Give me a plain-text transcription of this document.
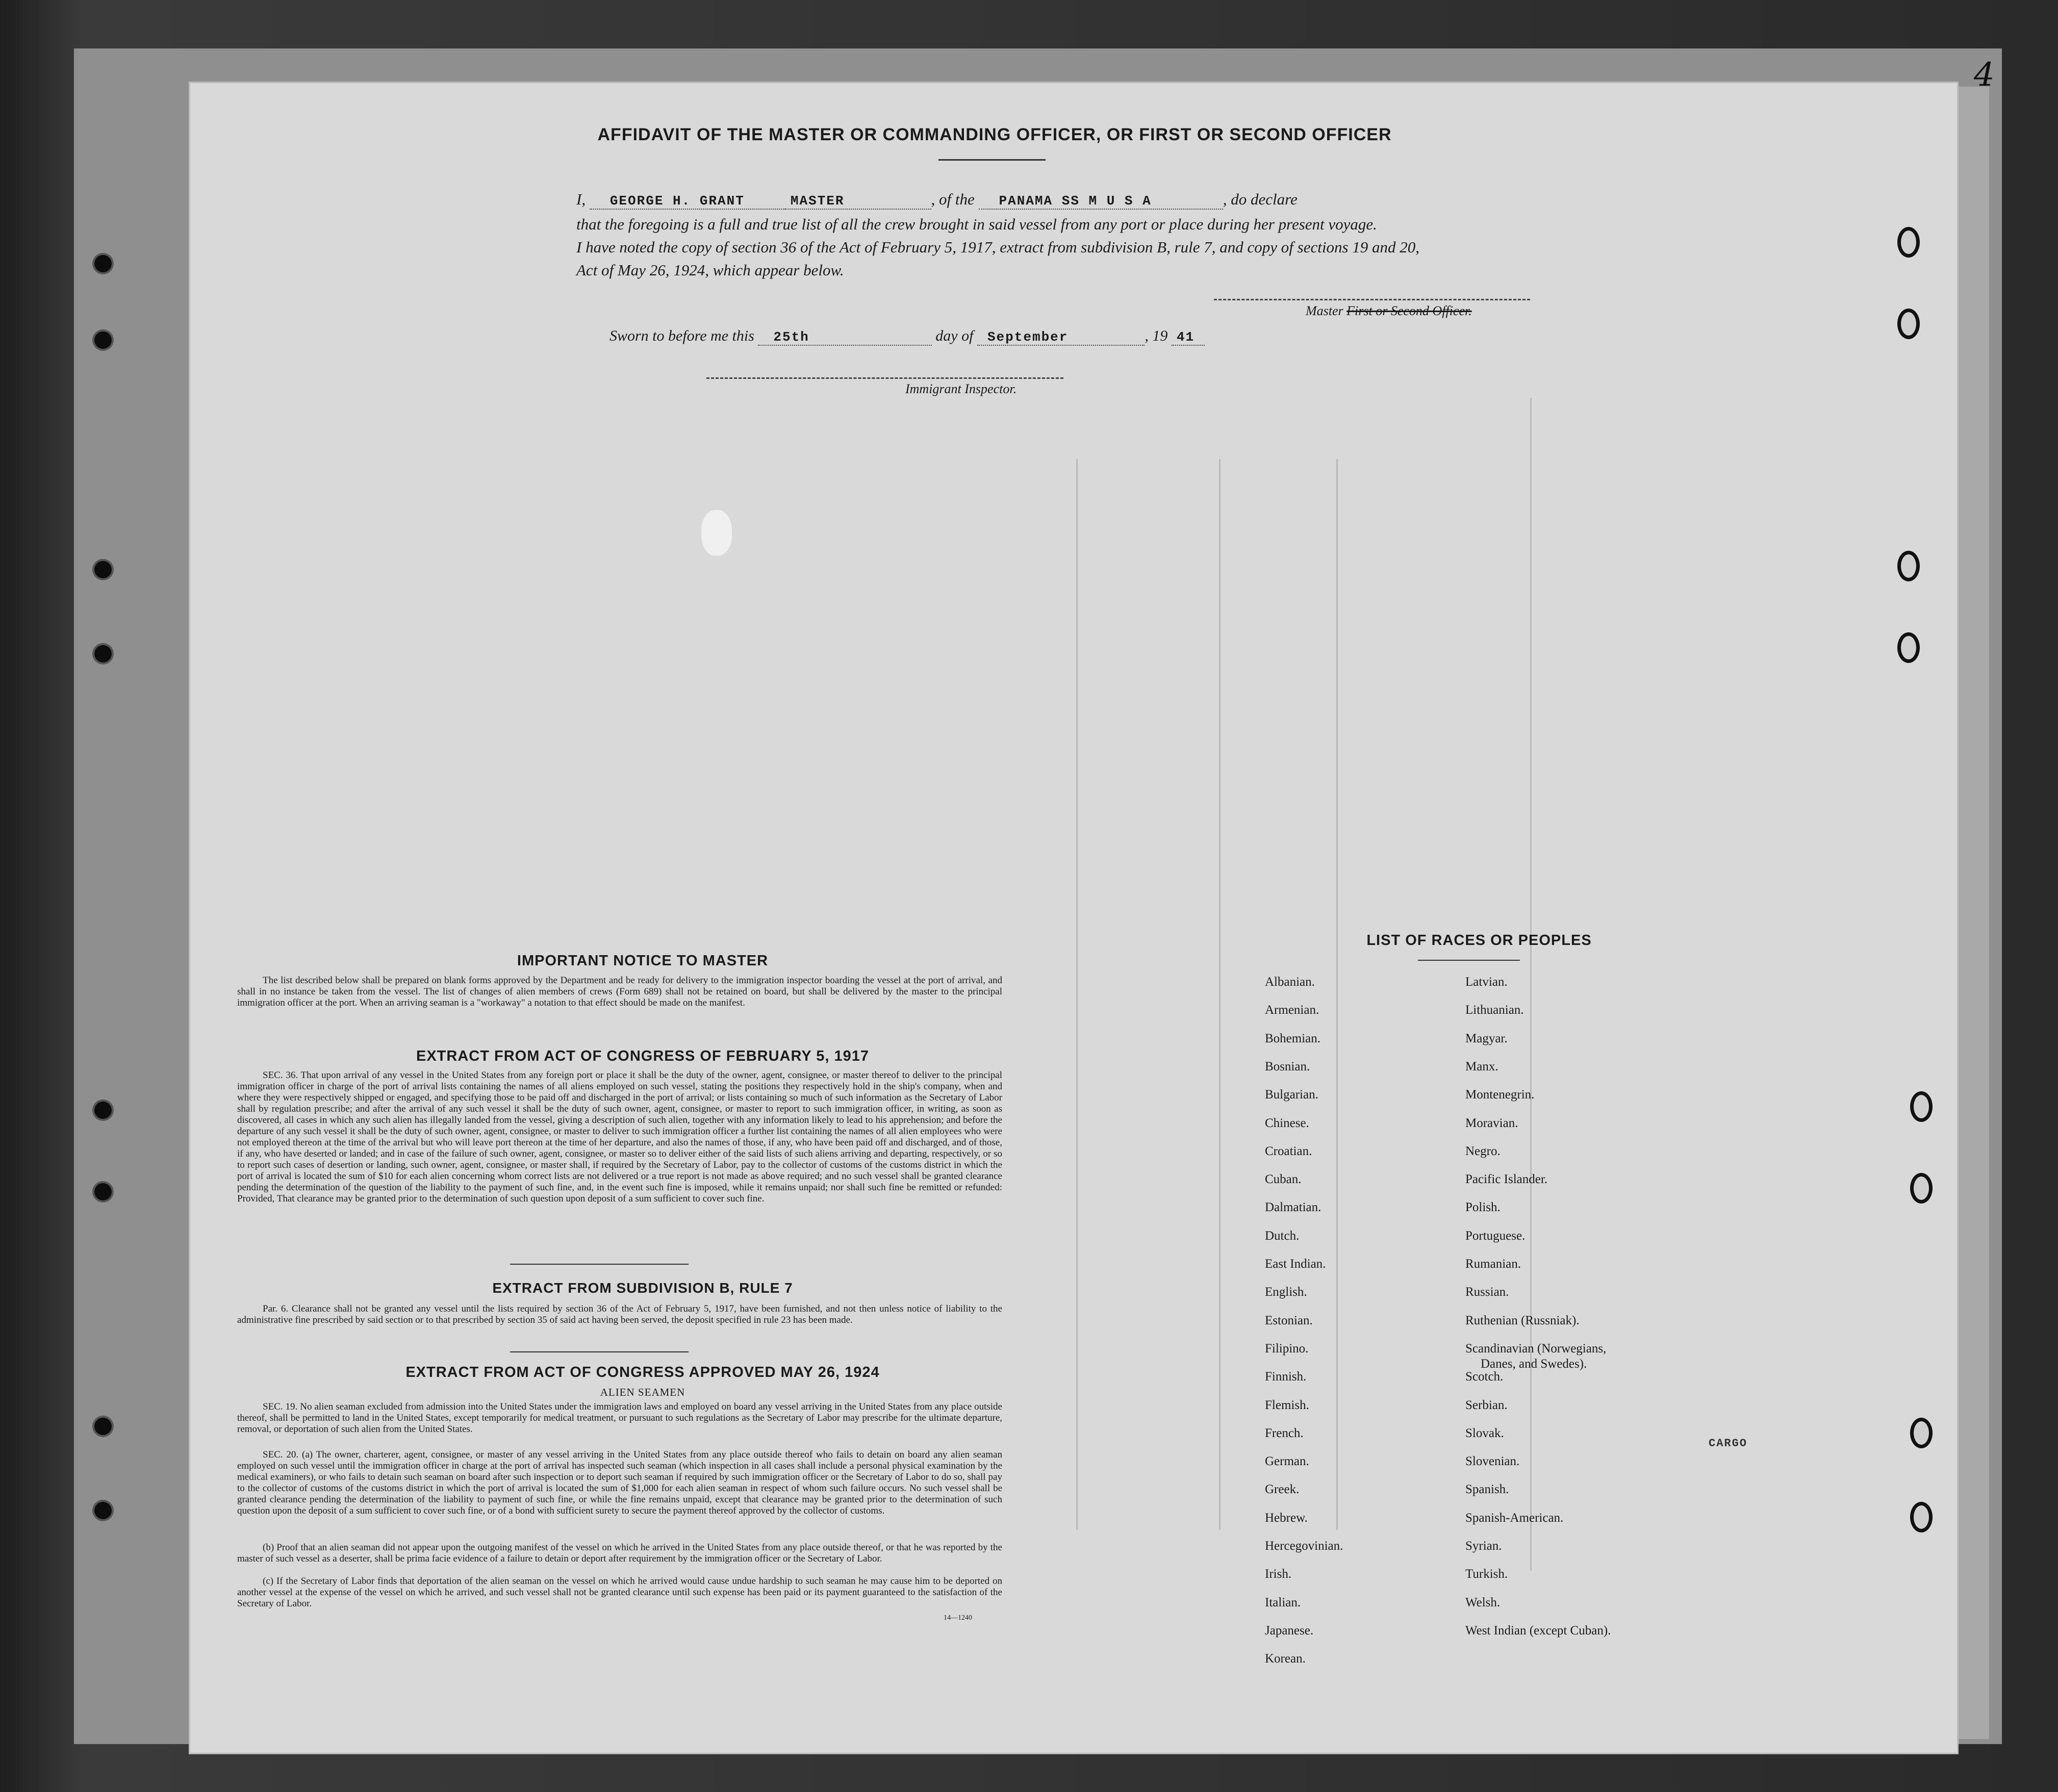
4
CARGO
AFFIDAVIT OF THE MASTER OR COMMANDING OFFICER, OR FIRST OR SECOND OFFICER
I, GEORGE H. GRANT	MASTER	, of the PANAMA SS M U S A	, do declare
that the foregoing is a full and true list of all the crew brought in said vessel from any port or place during her present voyage.
I have noted the copy of section 36 of the Act of February 5, 1917, extract from subdivision B, rule 7, and copy of sections 19 and 20,
Act of May 26, 1924, which appear below.
Master First or Second Officer.
Sworn to before me this 25th	day of September	, 19 41
Immigrant Inspector.
IMPORTANT NOTICE TO MASTER
The list described below shall be prepared on blank forms approved by the Department and be ready for delivery to the immigration inspector boarding the vessel at the port of arrival, and shall in no instance be taken from the vessel. The list of changes of alien members of crews (Form 689) shall not be retained on board, but shall be delivered by the master to the principal immigration officer at the port. When an arriving seaman is a "workaway" a notation to that effect should be made on the manifest.
EXTRACT FROM ACT OF CONGRESS OF FEBRUARY 5, 1917
SEC. 36. That upon arrival of any vessel in the United States from any foreign port or place it shall be the duty of the owner, agent, consignee, or master thereof to deliver to the principal immigration officer in charge of the port of arrival lists containing the names of all aliens employed on such vessel, stating the positions they respectively hold in the ship's company, when and where they were respectively shipped or engaged, and specifying those to be paid off and discharged in the port of arrival; or lists containing so much of such information as the Secretary of Labor shall by regulation prescribe; and after the arrival of any such vessel it shall be the duty of such owner, agent, consignee, or master to report to such immigration officer, in writing, as soon as discovered, all cases in which any such alien has illegally landed from the vessel, giving a description of such alien, together with any information likely to lead to his apprehension; and before the departure of any such vessel it shall be the duty of such owner, agent, consignee, or master to deliver to such immigration officer a further list containing the names of all alien employees who were not employed thereon at the time of the arrival but who will leave port thereon at the time of her departure, and also the names of those, if any, who have been paid off and discharged, and of those, if any, who have deserted or landed; and in case of the failure of such owner, agent, consignee, or master so to deliver either of the said lists of such aliens arriving and departing, respectively, or so to report such cases of desertion or landing, such owner, agent, consignee, or master shall, if required by the Secretary of Labor, pay to the collector of customs of the customs district in which the port of arrival is located the sum of $10 for each alien concerning whom correct lists are not delivered or a true report is not made as above required; and no such vessel shall be granted clearance pending the determination of the question of the liability to the payment of such fine, and, in the event such fine is imposed, while it remains unpaid; nor shall such fine be remitted or refunded: Provided, That clearance may be granted prior to the determination of such question upon deposit of a sum sufficient to cover such fine.
EXTRACT FROM SUBDIVISION B, RULE 7
Par. 6. Clearance shall not be granted any vessel until the lists required by section 36 of the Act of February 5, 1917, have been furnished, and not then unless notice of liability to the administrative fine prescribed by said section or to that prescribed by section 35 of said act having been served, the deposit specified in rule 23 has been made.
EXTRACT FROM ACT OF CONGRESS APPROVED MAY 26, 1924
ALIEN SEAMEN
SEC. 19. No alien seaman excluded from admission into the United States under the immigration laws and employed on board any vessel arriving in the United States from any place outside thereof, shall be permitted to land in the United States, except temporarily for medical treatment, or pursuant to such regulations as the Secretary of Labor may prescribe for the ultimate departure, removal, or deportation of such alien from the United States.
SEC. 20. (a) The owner, charterer, agent, consignee, or master of any vessel arriving in the United States from any place outside thereof who fails to detain on board any alien seaman employed on such vessel until the immigration officer in charge at the port of arrival has inspected such seaman (which inspection in all cases shall include a personal physical examination by the medical examiners), or who fails to detain such seaman on board after such inspection or to deport such seaman if required by such immigration officer or the Secretary of Labor to do so, shall pay to the collector of customs of the customs district in which the port of arrival is located the sum of $1,000 for each alien seaman in respect of whom such failure occurs. No such vessel shall be granted clearance pending the determination of the liability to payment of such fine, or while the fine remains unpaid, except that clearance may be granted prior to the determination of such question upon the deposit of a sum sufficient to cover such fine, or of a bond with sufficient surety to secure the payment thereof approved by the collector of customs.
(b) Proof that an alien seaman did not appear upon the outgoing manifest of the vessel on which he arrived in the United States from any place outside thereof, or that he was reported by the master of such vessel as a deserter, shall be prima facie evidence of a failure to detain or deport after requirement by the immigration officer or the Secretary of Labor.
(c) If the Secretary of Labor finds that deportation of the alien seaman on the vessel on which he arrived would cause undue hardship to such seaman he may cause him to be deported on another vessel at the expense of the vessel on which he arrived, and such vessel shall not be granted clearance until such expense has been paid or its payment guaranteed to the satisfaction of the Secretary of Labor.
14—1240
LIST OF RACES OR PEOPLES
Albanian.
Armenian.
Bohemian.
Bosnian.
Bulgarian.
Chinese.
Croatian.
Cuban.
Dalmatian.
Dutch.
East Indian.
English.
Estonian.
Filipino.
Finnish.
Flemish.
French.
German.
Greek.
Hebrew.
Hercegovinian.
Irish.
Italian.
Japanese.
Korean.
Latvian.
Lithuanian.
Magyar.
Manx.
Montenegrin.
Moravian.
Negro.
Pacific Islander.
Polish.
Portuguese.
Rumanian.
Russian.
Ruthenian (Russniak).
Scandinavian (Norwegians,
Danes, and Swedes).
Scotch.
Serbian.
Slovak.
Slovenian.
Spanish.
Spanish-American.
Syrian.
Turkish.
Welsh.
West Indian (except Cuban).
